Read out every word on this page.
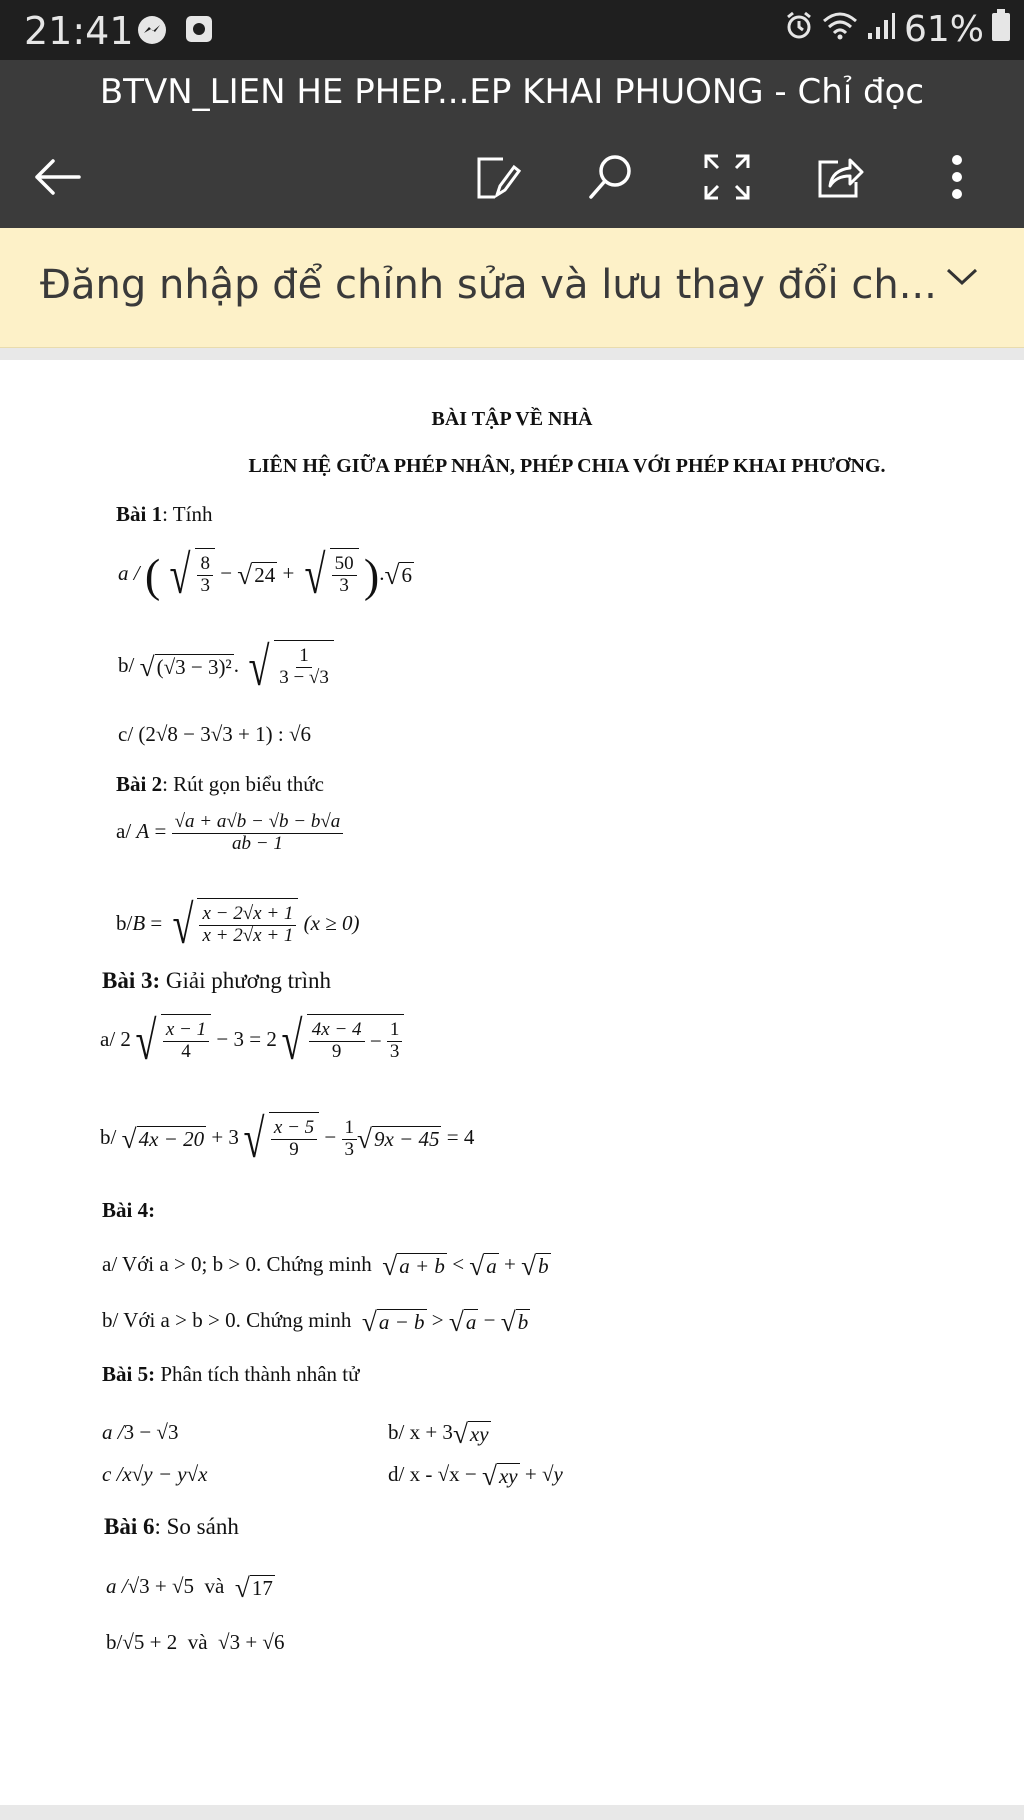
21:41	61%
BTVN_LIEN HE PHEP...EP KHAI PHUONG - Chỉ đọc
Đăng nhập để chỉnh sửa và lưu thay đổi ch...
BÀI TẬP VỀ NHÀ
LIÊN HỆ GIỮA PHÉP NHÂN, PHÉP CHIA VỚI PHÉP KHAI PHƯƠNG.
Bài 1: Tính
a / ( √ $\frac{8}{3}$ − √ 24 + √ $\frac{50}{3}$ ). √ 6
b/ √ (√3 − 3)² . √ $\frac{1}{3 - √3}$
c/ (2√8 − 3√3 + 1) : √6
Bài 2: Rút gọn biểu thức
a/ $A = \frac{√a + a√b - √b - b√a}{ab - 1}$
b/B = √ $\frac{x - 2√x + 1}{x + 2√x + 1} (x \ge 0)$
Bài 3: Giải phương trình
a/ 2 √ $\frac{x - 1}{4} - 3 = 2$ √ $\frac{4x - 4}{9} - \frac{1}{3}$
b/ √ 4x − 20 + 3 √ $\frac{x - 5}{9} - \frac{1}{3}$ √ 9x − 45 = 4
Bài 4:
a/ Với a > 0; b > 0. Chứng minh √ a + b < √ a + √ b
b/ Với a > b > 0. Chứng minh √ a − b > √ a − √ b
Bài 5: Phân tích thành nhân tử
a /3 − √3	b/ x + 3 √ xy
c /x√y − y√x	d/ x - √x − √ xy + √y
Bài 6: So sánh
a /√3 + √5  và √ 17
b/√5 + 2  và  √3 + √6
